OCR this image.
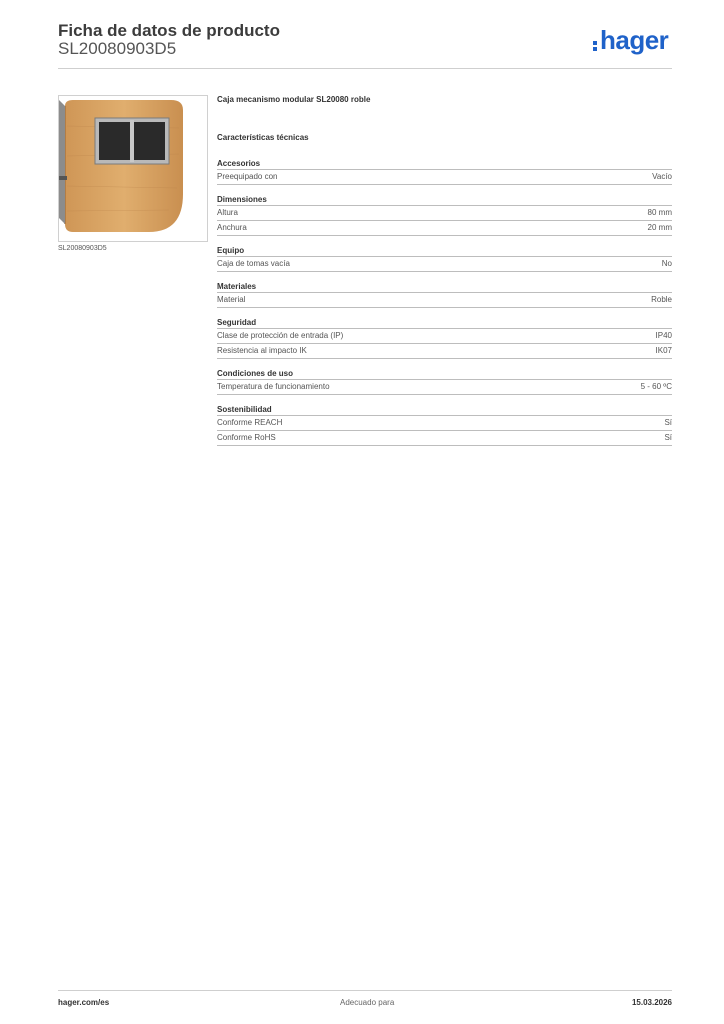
Ficha de datos de producto
SL20080903D5	hager
SL20080903D5
Caja mecanismo modular SL20080 roble
Características técnicas
Accesorios
Preequipado con	Vacío
Dimensiones
Altura	80 mm
Anchura	20 mm
Equipo
Caja de tomas vacía	No
Materiales
Material	Roble
Seguridad
Clase de protección de entrada (IP)	IP40
Resistencia al impacto IK	IK07
Condiciones de uso
Temperatura de funcionamiento	5 - 60 ºC
Sostenibilidad
Conforme REACH	Sí
Conforme RoHS	Sí
hager.com/es	Adecuado para	15.03.2026
